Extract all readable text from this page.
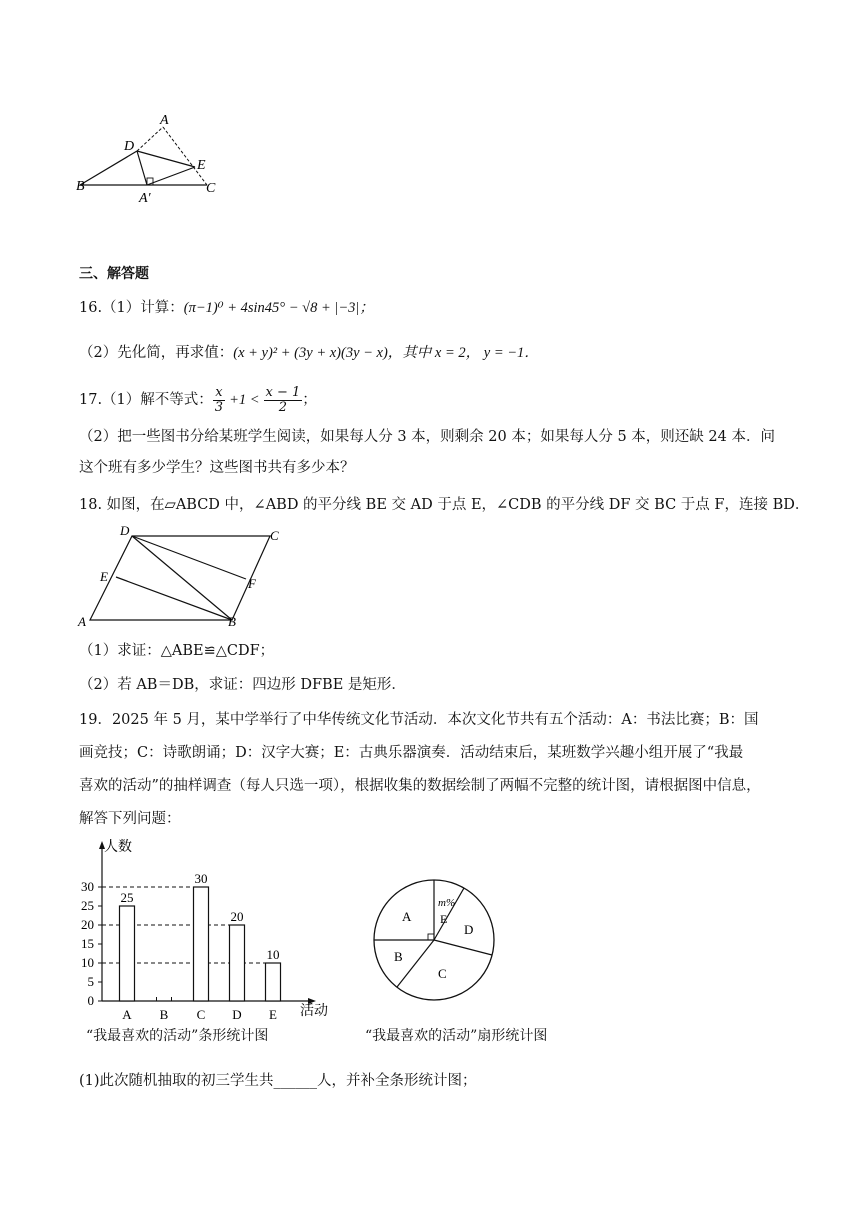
A
D
E
B	C
A′
三、解答题
16.（1）计算：(π−1)⁰ + 4sin45° − √8 + |−3|；
（2）先化简，再求值：(x + y)² + (3y + x)(3y − x)，其中 x = 2， y = −1．
17.（1）解不等式： $\frac{x}{3} +1 < \frac{x - 1}{2}$ ；
（2）把一些图书分给某班学生阅读，如果每人分 3 本，则剩余 20 本；如果每人分 5 本，则还缺 24 本．问
这个班有多少学生？这些图书共有多少本？
18. 如图，在▱ABCD 中，∠ABD 的平分线 BE 交 AD 于点 E，∠CDB 的平分线 DF 交 BC 于点 F，连接 BD．
D	C
E	F
A	B
（1）求证：△ABE≌△CDF；
（2）若 AB＝DB，求证：四边形 DFBE 是矩形．
19．2025 年 5 月，某中学举行了中华传统文化节活动．本次文化节共有五个活动：A：书法比赛；B：国
画竞技；C：诗歌朗诵；D：汉字大赛；E：古典乐器演奏．活动结束后，某班数学兴趣小组开展了“我最
喜欢的活动”的抽样调查（每人只选一项），根据收集的数据绘制了两幅不完整的统计图，请根据图中信息，
解答下列问题：
人数
活动
0
5
10
15
20
25
30
25
A B
30
C
20
D
10
E
“我最喜欢的活动”条形统计图
A
m%
E
D
B
C
“我最喜欢的活动”扇形统计图
(1)此次随机抽取的初三学生共______人，并补全条形统计图；
